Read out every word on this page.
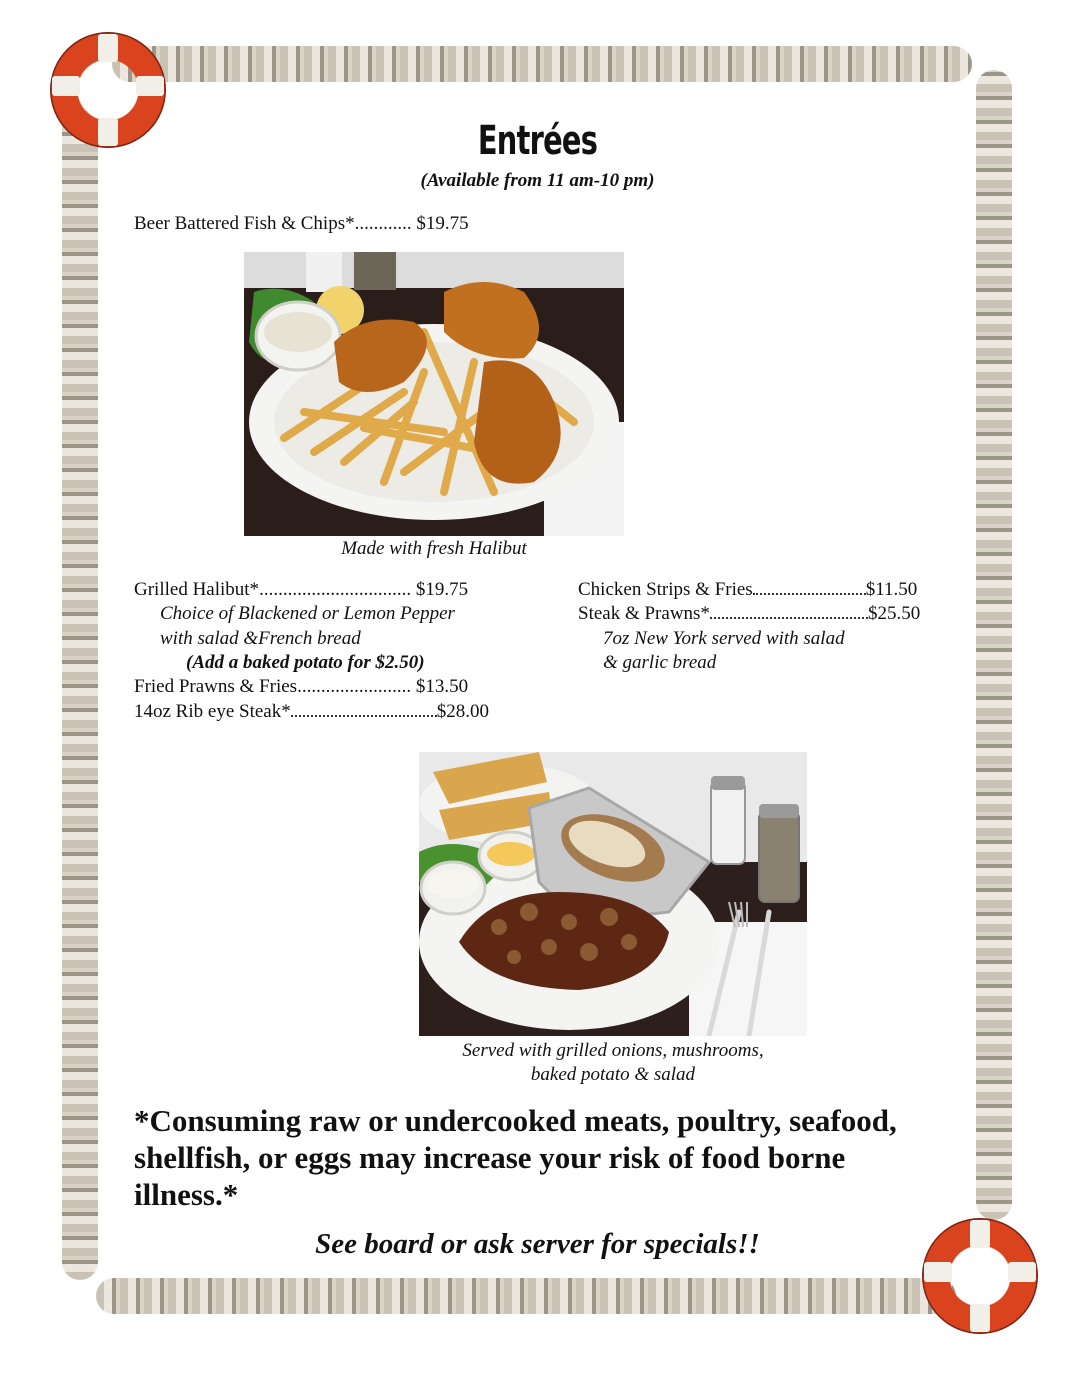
Entrées
(Available from 11 am-10 pm)
Beer Battered Fish & Chips*............ $19.75
Made with fresh Halibut
Grilled Halibut*................................ $19.75
Choice of Blackened or Lemon Pepper
with salad &French bread
(Add a baked potato for $2.50)
Fried Prawns & Fries........................ $13.50
14oz Rib eye Steak*	$28.00
Chicken Strips & Fries	$11.50
Steak & Prawns*	$25.50
7oz New York served with salad
& garlic bread
Served with grilled onions, mushrooms,
baked potato & salad
*Consuming raw or undercooked meats, poultry, seafood, shellfish, or eggs may increase your risk of food borne illness.*
See board or ask server for specials!!
